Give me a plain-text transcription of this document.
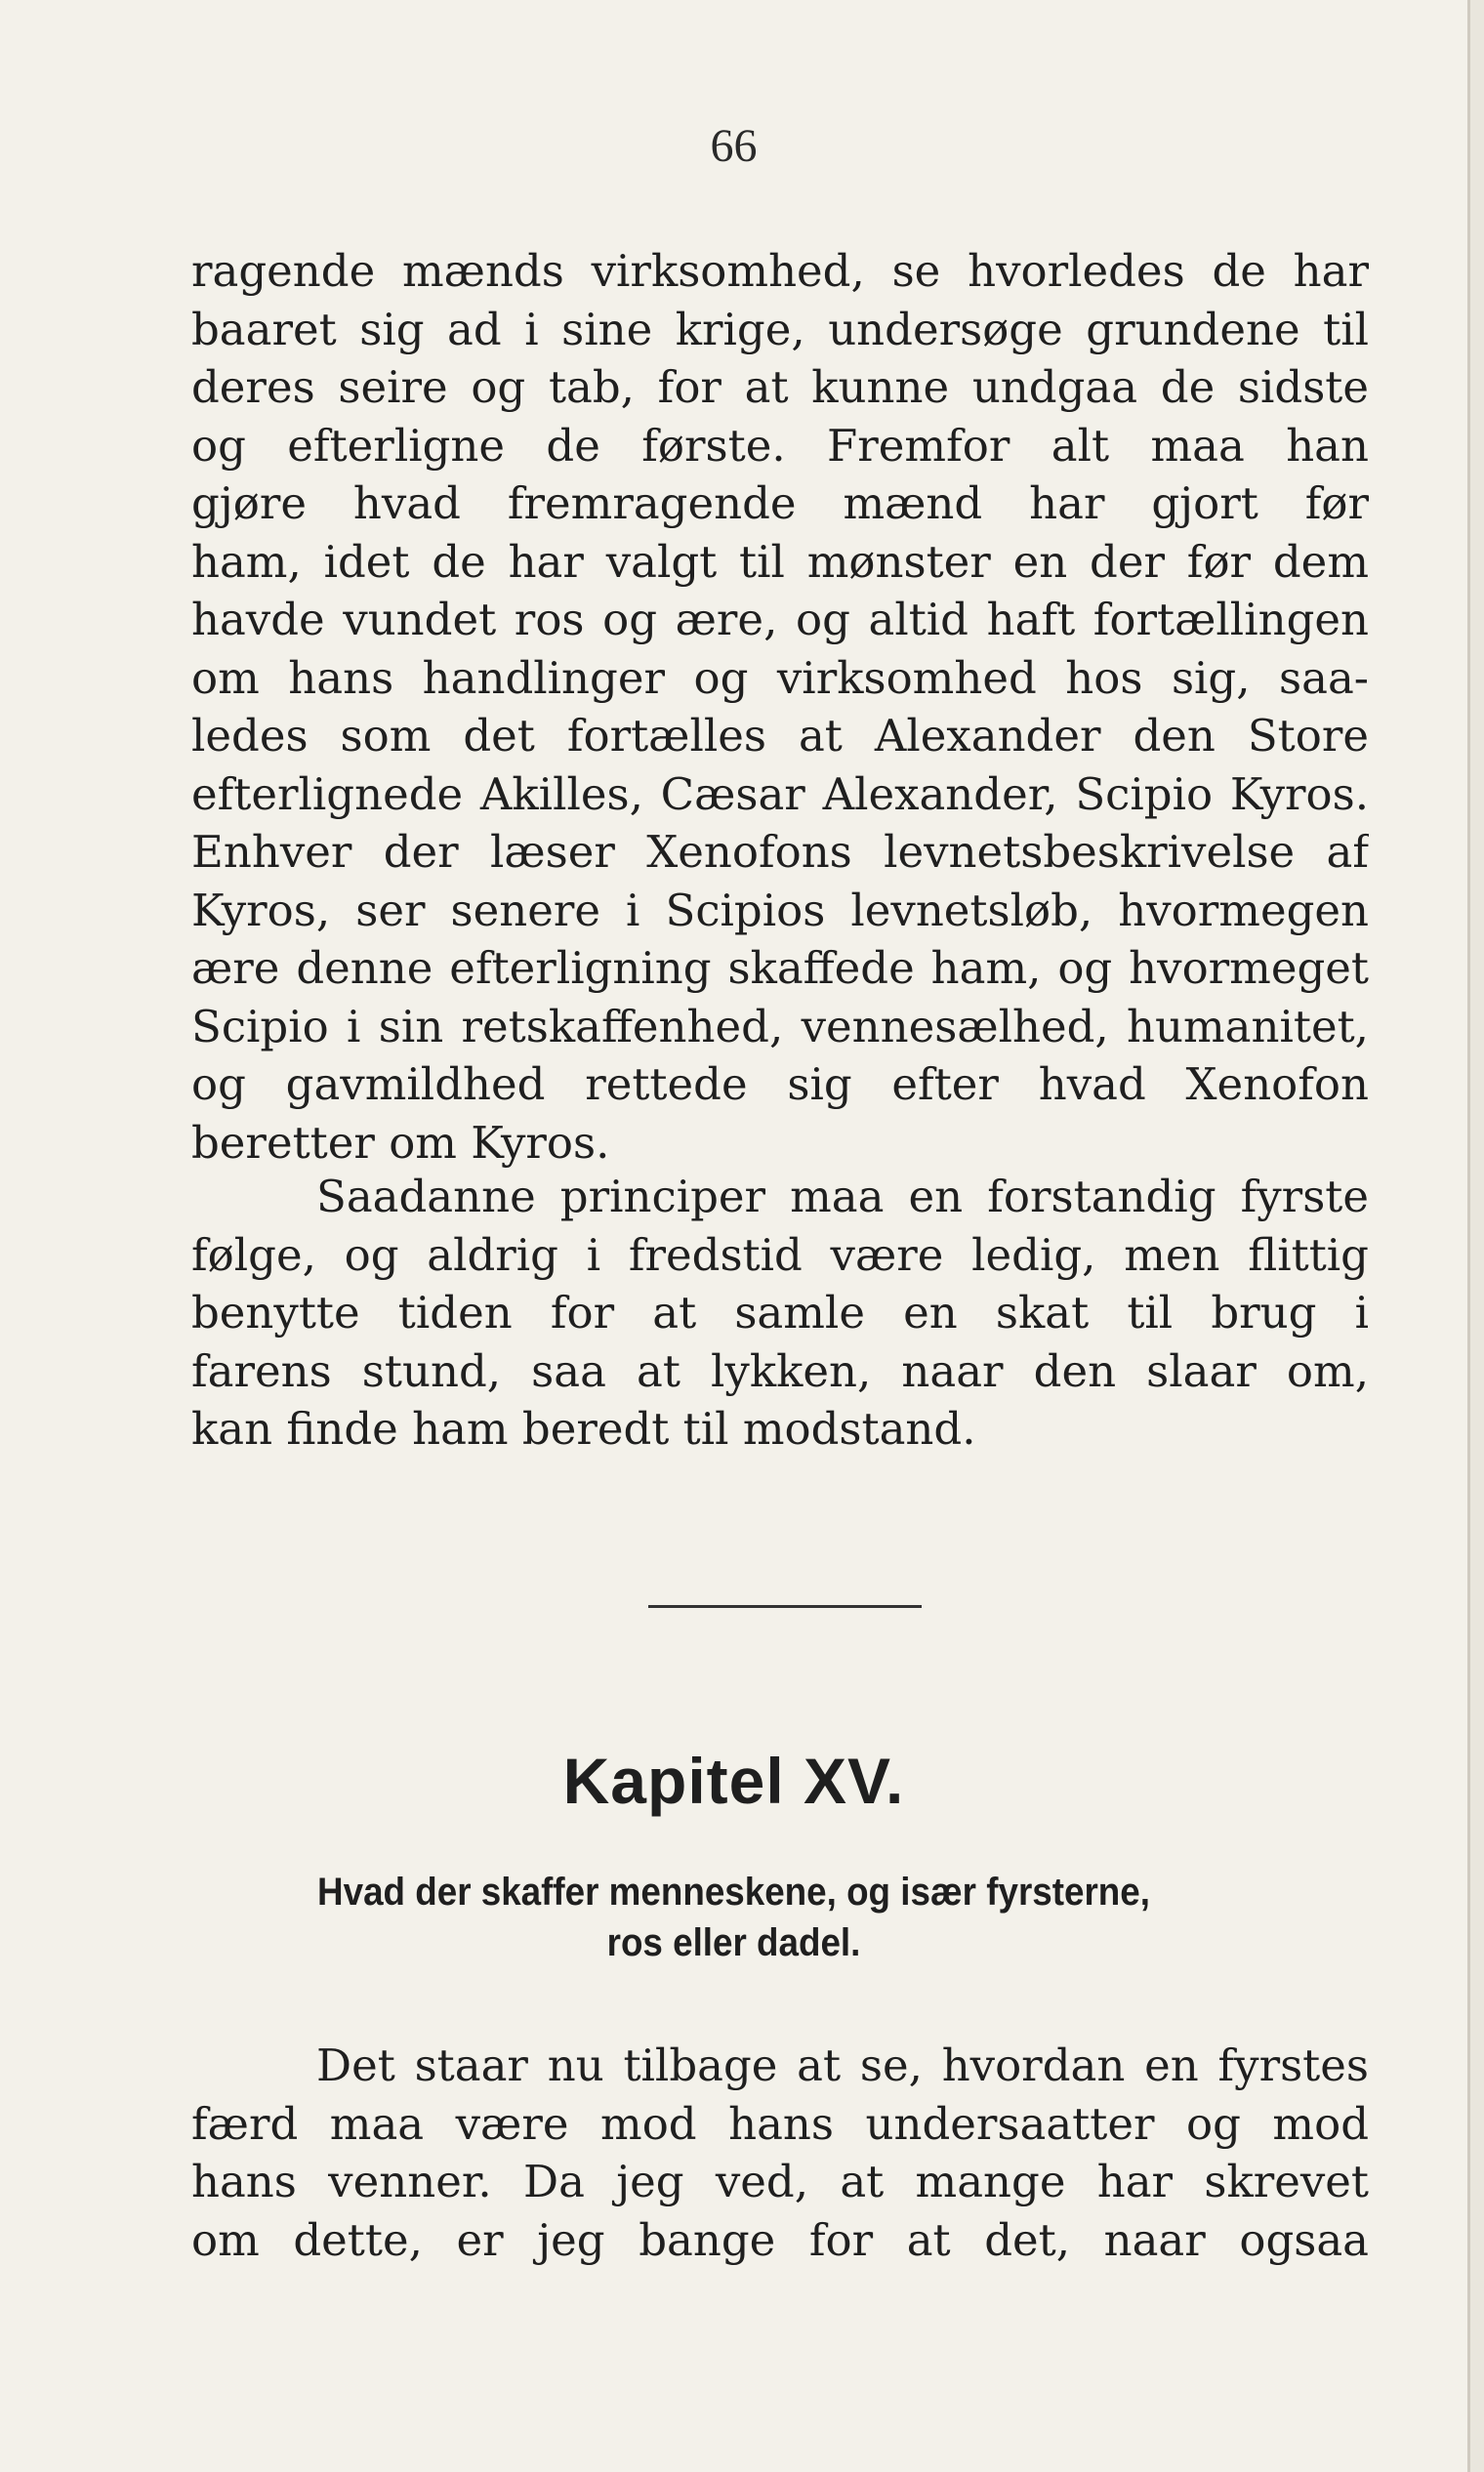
66
ragende mænds virksomhed, se hvorledes de har
baaret sig ad i sine krige, undersøge grundene til
deres seire og tab, for at kunne undgaa de sidste
og efterligne de første. Fremfor alt maa han
gjøre hvad fremragende mænd har gjort før
ham, idet de har valgt til mønster en der før dem
havde vundet ros og ære, og altid haft fortællingen
om hans handlinger og virksomhed hos sig, saa-
ledes som det fortælles at Alexander den Store
efterlignede Akilles, Cæsar Alexander, Scipio Kyros.
Enhver der læser Xenofons levnetsbeskrivelse af
Kyros, ser senere i Scipios levnetsløb, hvormegen
ære denne efterligning skaffede ham, og hvormeget
Scipio i sin retskaffenhed, vennesælhed, humanitet,
og gavmildhed rettede sig efter hvad Xenofon
beretter om Kyros.
Saadanne principer maa en forstandig fyrste
følge, og aldrig i fredstid være ledig, men flittig
benytte tiden for at samle en skat til brug i
farens stund, saa at lykken, naar den slaar om,
kan finde ham beredt til modstand.
Kapitel XV.
Hvad der skaffer menneskene, og især fyrsterne,
ros eller dadel.
Det staar nu tilbage at se, hvordan en fyrstes
færd maa være mod hans undersaatter og mod
hans venner. Da jeg ved, at mange har skrevet
om dette, er jeg bange for at det, naar ogsaa
